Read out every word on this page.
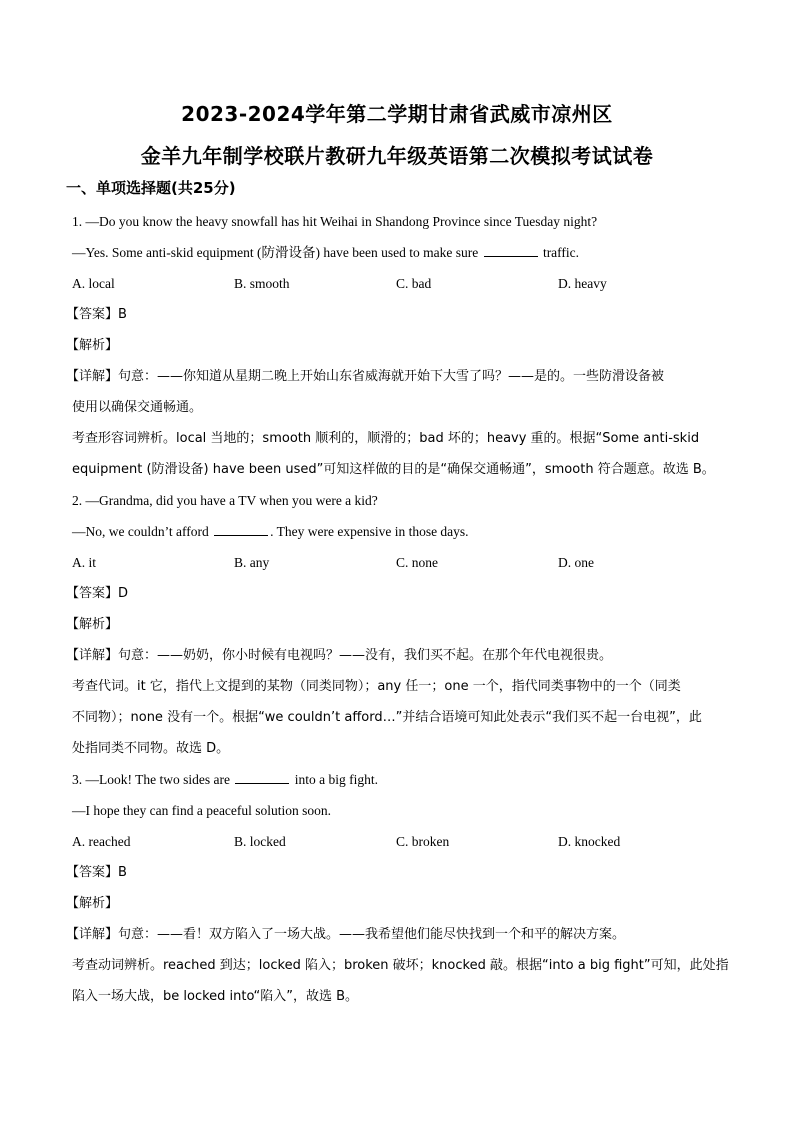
2023-2024学年第二学期甘肃省武威市凉州区
金羊九年制学校联片教研九年级英语第二次模拟考试试卷
一、单项选择题(共25分)
1. —Do you know the heavy snowfall has hit Weihai in Shandong Province since Tuesday night?
—Yes. Some anti-skid equipment (防滑设备) have been used to make sure	traffic.
A. local	B. smooth	C. bad	D. heavy
【答案】B
【解析】
【详解】句意：——你知道从星期二晚上开始山东省威海就开始下大雪了吗？——是的。一些防滑设备被
使用以确保交通畅通。
考查形容词辨析。local 当地的；smooth 顺利的，顺滑的；bad 坏的；heavy 重的。根据“Some anti-skid
equipment (防滑设备) have been used”可知这样做的目的是“确保交通畅通”，smooth 符合题意。故选 B。
2. —Grandma, did you have a TV when you were a kid?
—No, we couldn’t afford	. They were expensive in those days.
A. it	B. any	C. none	D. one
【答案】D
【解析】
【详解】句意：——奶奶，你小时候有电视吗？——没有，我们买不起。在那个年代电视很贵。
考查代词。it 它，指代上文提到的某物（同类同物）；any 任一；one 一个，指代同类事物中的一个（同类
不同物）；none 没有一个。根据“we couldn’t afford…”并结合语境可知此处表示“我们买不起一台电视”，此
处指同类不同物。故选 D。
3. —Look! The two sides are	into a big fight.
—I hope they can find a peaceful solution soon.
A. reached	B. locked	C. broken	D. knocked
【答案】B
【解析】
【详解】句意：——看！双方陷入了一场大战。——我希望他们能尽快找到一个和平的解决方案。
考查动词辨析。reached 到达；locked 陷入；broken 破坏；knocked 敲。根据“into a big fight”可知，此处指
陷入一场大战，be locked into“陷入”，故选 B。
